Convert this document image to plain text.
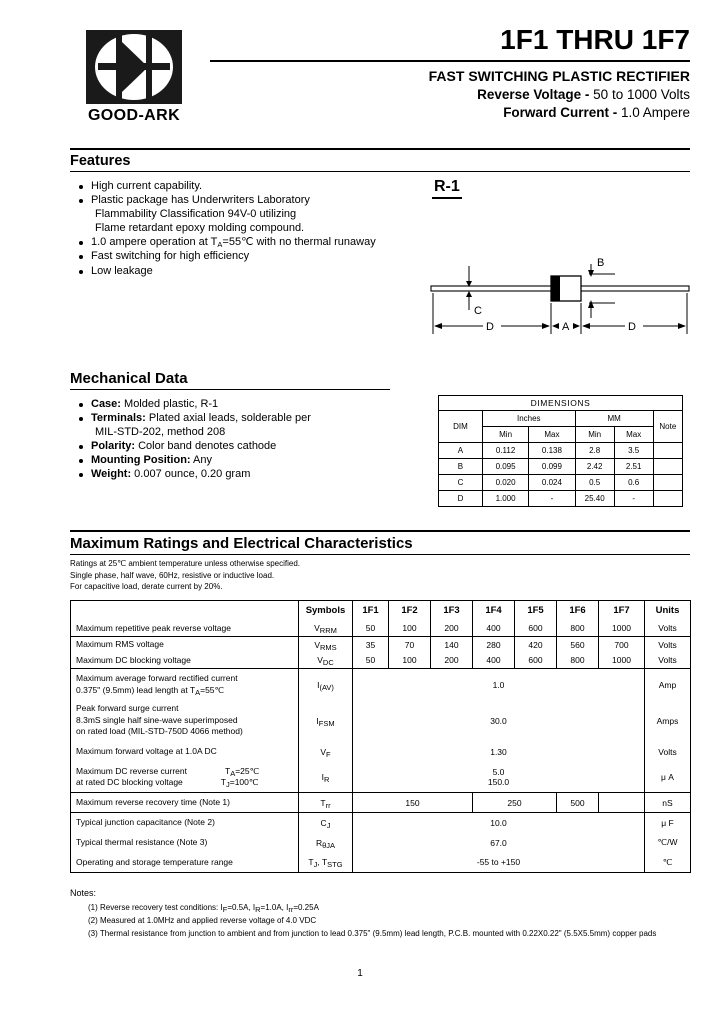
GOOD-ARK
1F1 THRU 1F7
FAST SWITCHING PLASTIC RECTIFIER
Reverse Voltage - 50 to 1000 Volts
Forward Current - 1.0 Ampere
Features
High current capability.
Plastic package has Underwriters Laboratory
Flammability Classification 94V-0 utilizing
Flame retardant epoxy molding compound.
1.0 ampere operation at $T_A=55℃$ with no thermal runaway
Fast switching for high efficiency
Low leakage
R-1
C
B
D	A	D
Mechanical Data
Case: Molded plastic, R-1
Terminals: Plated axial leads, solderable per
MIL-STD-202, method 208
Polarity: Color band denotes cathode
Mounting Position: Any
Weight: 0.007 ounce, 0.20 gram
DIMENSIONS					
DIM	Inches		MM		Note
	Min	Max	Min	Max	
A	0.112	0.138	2.8	3.5	
B	0.095	0.099	2.42	2.51	
C	0.020	0.024	0.5	0.6	
D	1.000	-	25.40	-	
Maximum Ratings and Electrical Characteristics
Ratings at 25℃ ambient temperature unless otherwise specified.
Single phase, half wave, 60Hz, resistive or inductive load.
For capacitive load, derate current by 20%.
	Symbols	1F1	1F2	1F3	1F4	1F5	1F6	1F7	Units
Maximum repetitive peak reverse voltage	$V_{RRM}$	50	100	200	400	600	800	1000	Volts
Maximum RMS voltage	$V_{RMS}$	35	70	140	280	420	560	700	Volts
Maximum DC blocking voltage	$V_{DC}$	50	100	200	400	600	800	1000	Volts
Maximum average forward rectified current
0.375" (9.5mm) lead length at $T_A=55℃$	$I_{(AV)}$	1.0							Amp
Peak forward surge current
8.3mS single half sine-wave superimposed
on rated load (MIL-STD-750D 4066 method)	$I_{FSM}$	30.0							Amps
Maximum forward voltage at 1.0A DC	$V_F$	1.30							Volts
Maximum DC reverse current $T_A=25℃$
at rated DC blocking voltage $T_J=100℃$	$I_R$	5.0
150.0							μ A
Maximum reverse recovery time (Note 1)	$T_{rr}$	150			250		500		nS
Typical junction capacitance (Note 2)	$C_J$	10.0							μ F
Typical thermal resistance (Note 3)	$R_{\theta JA}$	67.0							℃/W
Operating and storage temperature range	$T_J$, $T_{STG}$	-55 to +150							℃
Notes:
(1) Reverse recovery test conditions: $I_F=0.5A$, $I_R=1.0A$, $I_{rr}=0.25A$
(2) Measured at 1.0MHz and applied reverse voltage of 4.0 VDC
(3) Thermal resistance from junction to ambient and from junction to lead 0.375" (9.5mm) lead length, P.C.B. mounted with 0.22X0.22" (5.5X5.5mm) copper pads
1
